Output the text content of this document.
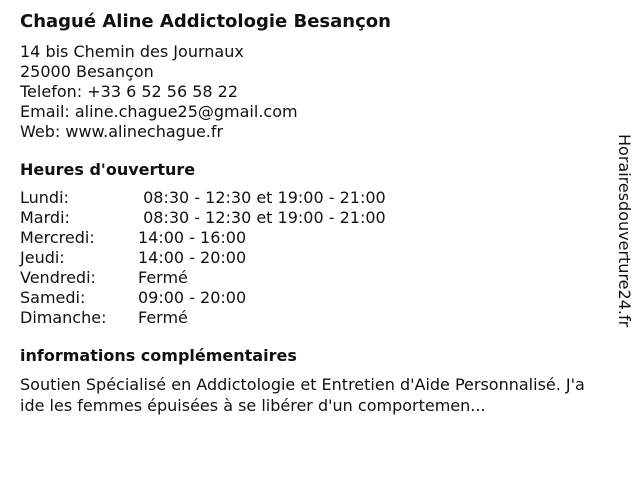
Chagué Aline Addictologie Besançon
14 bis Chemin des Journaux
25000 Besançon
Telefon: +33 6 52 56 58 22
Email: aline.chague25@gmail.com
Web: www.alinechague.fr
Heures d'ouverture
Lundi:	08:30 - 12:30 et 19:00 - 21:00
Mardi:	08:30 - 12:30 et 19:00 - 21:00
Mercredi:	14:00 - 16:00
Jeudi:	14:00 - 20:00
Vendredi:	Fermé
Samedi:	09:00 - 20:00
Dimanche:	Fermé
informations complémentaires
Soutien Spécialisé en Addictologie et Entretien d'Aide Personnalisé. J'aide les femmes épuisées à se libérer d'un comportemen...
Horairesdouverture24.fr
